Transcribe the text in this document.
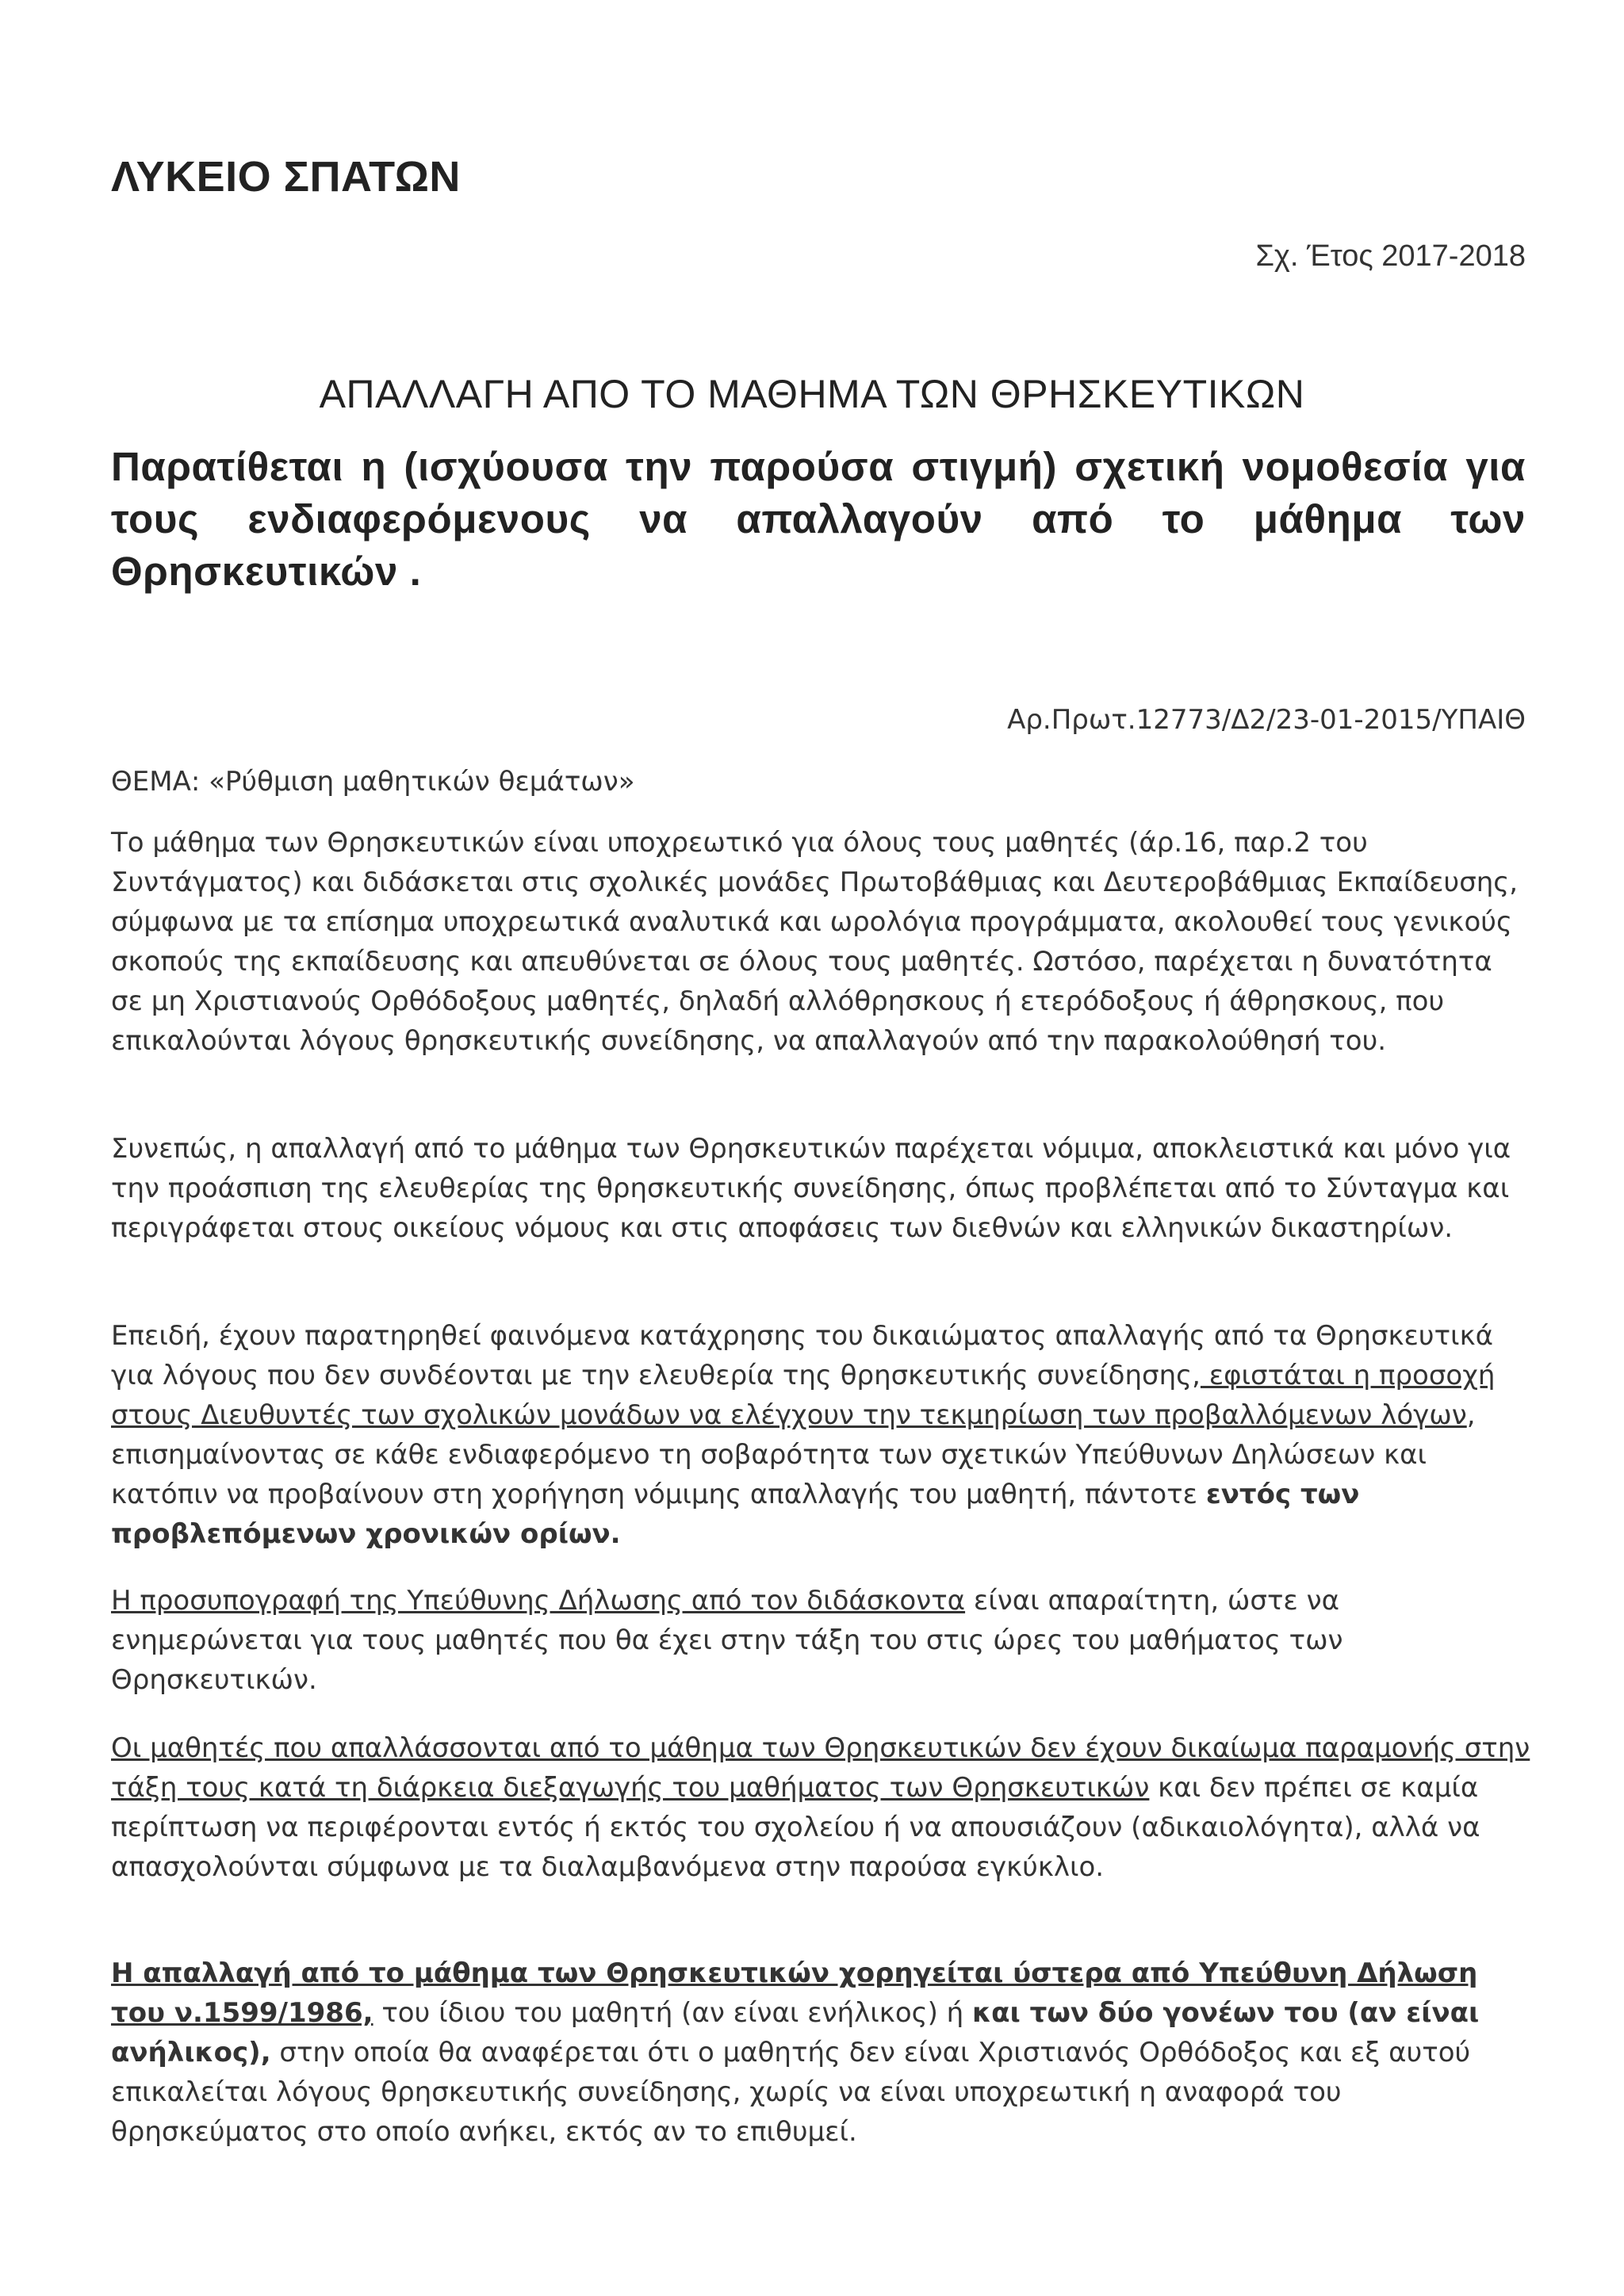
ΛΥΚΕΙΟ ΣΠΑΤΩΝ
Σχ. Έτος 2017-2018
ΑΠΑΛΛΑΓΗ ΑΠΟ ΤΟ ΜΑΘΗΜΑ ΤΩΝ ΘΡΗΣΚΕΥΤΙΚΩΝ
Παρατίθεται η (ισχύουσα την παρούσα στιγμή) σχετική νομοθεσία για τους ενδιαφερόμενους να απαλλαγούν από το μάθημα των Θρησκευτικών .
Αρ.Πρωτ.12773/Δ2/23-01-2015/ΥΠΑΙΘ
ΘΕΜΑ: «Ρύθμιση μαθητικών θεμάτων»

Το μάθημα των Θρησκευτικών είναι υποχρεωτικό για όλους τους μαθητές (άρ.16, παρ.2 του Συντάγματος) και διδάσκεται στις σχολικές μονάδες Πρωτοβάθμιας και Δευτεροβάθμιας Εκπαίδευσης, σύμφωνα με τα επίσημα υποχρεωτικά αναλυτικά και ωρολόγια προγράμματα, ακολουθεί τους γενικούς σκοπούς της εκπαίδευσης και απευθύνεται σε όλους τους μαθητές. Ωστόσο, παρέχεται η δυνατότητα σε μη Χριστιανούς Ορθόδοξους μαθητές, δηλαδή αλλόθρησκους ή ετερόδοξους ή άθρησκους, που επικαλούνται λόγους θρησκευτικής συνείδησης, να απαλλαγούν από την παρακολούθησή του.

Συνεπώς, η απαλλαγή από το μάθημα των Θρησκευτικών παρέχεται νόμιμα, αποκλειστικά και μόνο για την προάσπιση της ελευθερίας της θρησκευτικής συνείδησης, όπως προβλέπεται από το Σύνταγμα και περιγράφεται στους οικείους νόμους και στις αποφάσεις των διεθνών και ελληνικών δικαστηρίων.

Επειδή, έχουν παρατηρηθεί φαινόμενα κατάχρησης του δικαιώματος απαλλαγής από τα Θρησκευτικά για λόγους που δεν συνδέονται με την ελευθερία της θρησκευτικής συνείδησης, εφιστάται η προσοχή στους Διευθυντές των σχολικών μονάδων να ελέγχουν την τεκμηρίωση των προβαλλόμενων λόγων, επισημαίνοντας σε κάθε ενδιαφερόμενο τη σοβαρότητα των σχετικών Υπεύθυνων Δηλώσεων και κατόπιν να προβαίνουν στη χορήγηση νόμιμης απαλλαγής του μαθητή, πάντοτε εντός των προβλεπόμενων χρονικών ορίων.

Η προσυπογραφή της Υπεύθυνης Δήλωσης από τον διδάσκοντα είναι απαραίτητη, ώστε να ενημερώνεται για τους μαθητές που θα έχει στην τάξη του στις ώρες του μαθήματος των Θρησκευτικών.

Οι μαθητές που απαλλάσσονται από το μάθημα των Θρησκευτικών δεν έχουν δικαίωμα παραμονής στην τάξη τους κατά τη διάρκεια διεξαγωγής του μαθήματος των Θρησκευτικών και δεν πρέπει σε καμία περίπτωση να περιφέρονται εντός ή εκτός του σχολείου ή να απουσιάζουν (αδικαιολόγητα), αλλά να απασχολούνται σύμφωνα με τα διαλαμβανόμενα στην παρούσα εγκύκλιο.

Η απαλλαγή από το μάθημα των Θρησκευτικών χορηγείται ύστερα από Υπεύθυνη Δήλωση του ν.1599/1986, του ίδιου του μαθητή (αν είναι ενήλικος) ή και των δύο γονέων του (αν είναι ανήλικος), στην οποία θα αναφέρεται ότι ο μαθητής δεν είναι Χριστιανός Ορθόδοξος και εξ αυτού επικαλείται λόγους θρησκευτικής συνείδησης, χωρίς να είναι υποχρεωτική η αναφορά του θρησκεύματος στο οποίο ανήκει, εκτός αν το επιθυμεί.
